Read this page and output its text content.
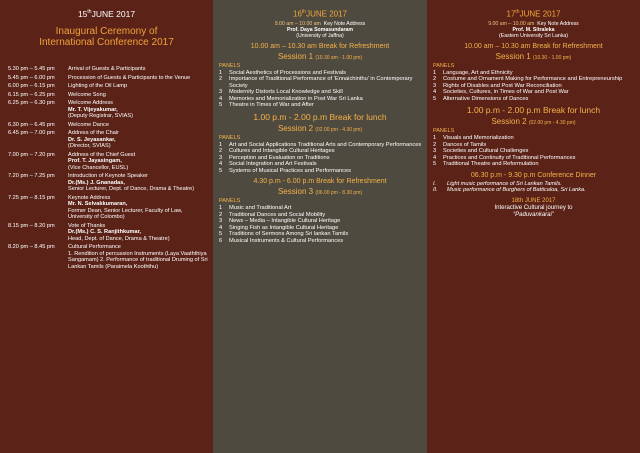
15thJUNE 2017
Inaugural Ceremony of
International Conference 2017
5.30 pm – 5.45 pm	Arrival of Guests & Participants
5.45 pm – 6.00 pm	Procession of Guests & Participants to the Venue
6.00 pm – 6.15 pm	Lighting of the Oil Lamp
6.15 pm – 6.25 pm	Welcome Song
6.25 pm – 6.30 pm	Welcome Address
Mr. T. Vijeyakumar,
(Deputy Registrar, SVIAS)
6.30 pm – 6.45 pm	Welcome Dance
6.45 pm – 7.00 pm	Address of the Chair
Dr. S. Jeyasankar,
(Director, SVIAS)
7.00 pm – 7.20 pm	Address of the Chief Guest
Prof. T. Jayasingam,
(Vice Chancellor, EUSL)
7.20 pm – 7.25 pm	Introduction of Keynote Speaker
Dr.(Ms.) J. Gnanadas,
Senior Lecturer, Dept. of Dance, Drama & Theatre)
7.25 pm – 8.15 pm	Keynote Address
Mr. N. Selvakkumaran,
Former Dean, Senior Lecturer, Faculty of Law, University of Colombo)
8.15 pm – 8.20 pm	Vote of Thanks
Dr.(Ms.) C. S. Ranjithkumar,
Head, Dept. of Dance, Drama & Theatre)
8.20 pm – 8.45 pm	Cultural Performance
1. Rendition of percussion Instruments (Laya Vaaththiya Sangamam) 2. Performance of traditional Druming of Sri Lankan Tamils (Paraimela Kooththu)
16thJUNE 2017
9.00 am – 10.00 am Key Note Address
Prof. Daya Somasundaram
(University of Jaffna)
10.00 am – 10.30 am Break for Refreshment
Session 1 (10.30 am - 1.00 pm)
PANELS
1	Social Aesthetics of Processions and Festivals
2	Importance of Traditional Performance of ‘Ennaichinthu’ in Contemporary Society
3	Modernity Distorts Local Knowledge and Skill
4	Memories and Memorialization in Post War Sri Lanka
5	Theatre in Times of War and After
1.00 p.m - 2.00 p.m Break for lunch
Session 2 (02.00 pm - 4.30 pm)
PANELS
1	Art and Social Applications Traditional Arts and Contemporary Performances
2	Cultures and Intangible Cultural Heritages
3	Perception and Evaluation on Traditions
4	Social Integration and Art Festivals
5	Systems of Musical Practices and Performances
4.30 p.m - 6.00 p.m Break for Refreshment
Session 3 (06.00 pm - 8.30 pm)
PANELS
1	Music and Traditional Art
2	Traditional Dances and Social Mobility
3	News – Media – Intangible Cultural Heritage
4	Singing Fish as Intangible Cultural Heritage
5	Traditions of Sermons Among Sri lankan Tamils
6	Musical Instruments & Cultural Performances
17thJUNE 2017
9.00 am – 10.00 am Key Note Address
Prof. M. Sitraleka
(Eastern University Sri Lanka)
10.00 am – 10.30 am Break for Refreshment
Session 1 (10.30 - 1.00 pm)
PANELS
1	Language, Art and Ethnicity
2	Costume and Ornament Making for Performance and Entrepreneurship
3	Rights of Disables and Post War Reconciliation
4	Societies, Cultures, in Times of War and Post War
5	Alternative Dimensions of Dances
1.00 p.m - 2.00 p.m Break for lunch
Session 2 (02.00 pm - 4.30 pm)
PANELS
1	Visuals and Memorialization
2	Dances of Tamils
3	Societies and Cultural Challenges
4	Practices and Continuity of Traditional Performances
5	Traditional Theatre and Reformulation
06.30 p.m - 9.30 p.m Conference Dinner
I.	Light music performance of Sri Lankan Tamils.
II.	Music performance of Burghers of Batticaloa, Sri Lanka.
18th JUNE 2017
Interactive Cultural journey to
“Paduvankarai”
